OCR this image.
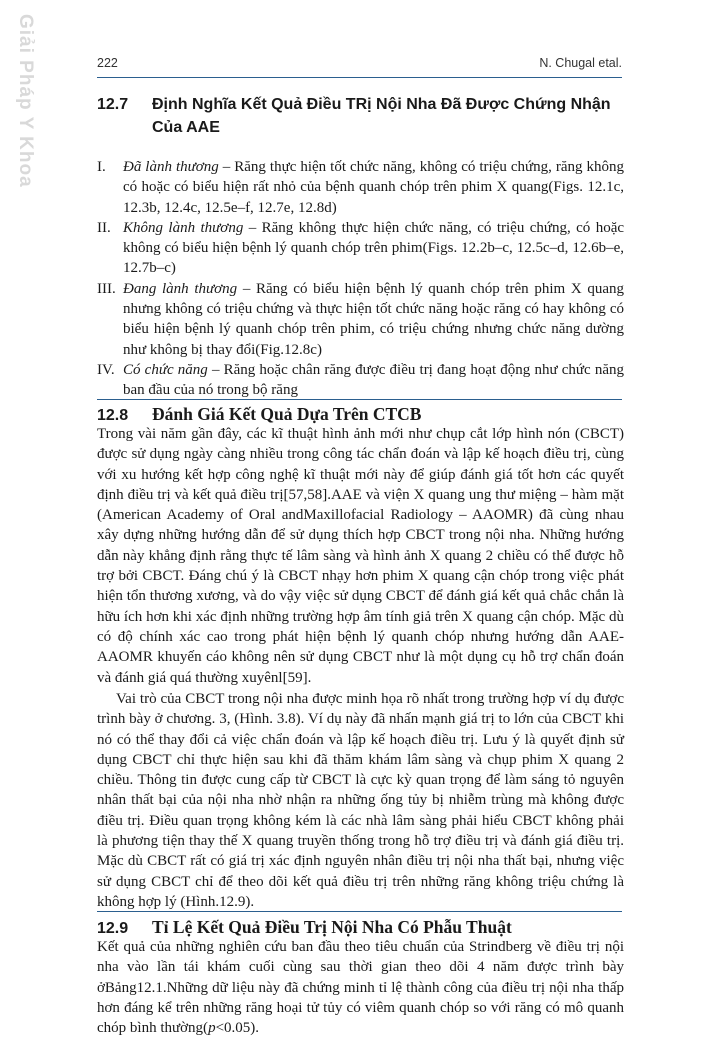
Giải Pháp Y Khoa	222	N. Chugal etal.
12.7 Định Nghĩa Kết Quả Điều TRị Nội Nha Đã Được Chứng Nhận
Của AAE
I.	Đã lành thương – Răng thực hiện tốt chức năng, không có triệu chứng, răng không có hoặc có biểu hiện rất nhỏ của bệnh quanh chóp trên phim X quang(Figs. 12.1c, 12.3b, 12.4c, 12.5e–f, 12.7e, 12.8d)
II. Không lành thương – Răng không thực hiện chức năng, có triệu chứng, có hoặc không có biểu hiện bệnh lý quanh chóp trên phim(Figs. 12.2b–c, 12.5c–d, 12.6b–e, 12.7b–c)
III. Đang lành thương – Răng có biểu hiện bệnh lý quanh chóp trên phim X quang nhưng không có triệu chứng và thực hiện tốt chức năng hoặc răng có hay không có biểu hiện bệnh lý quanh chóp trên phim, có triệu chứng nhưng chức năng dường như không bị thay đổi(Fig.12.8c)
IV. Có chức năng – Răng hoặc chân răng được điều trị đang hoạt động như chức năng ban đầu của nó trong bộ răng
12.8 Đánh Giá Kết Quả Dựa Trên CTCB

Trong vài năm gần đây, các kĩ thuật hình ảnh mới như chụp cắt lớp hình nón (CBCT) được sử dụng ngày càng nhiều trong công tác chẩn đoán và lập kế hoạch điều trị, cùng với xu hướng kết hợp công nghệ kĩ thuật mới này để giúp đánh giá tốt hơn các quyết định điều trị và kết quả điều trị[57,58].AAE và viện X quang ung thư miệng – hàm mặt (American Academy of Oral andMaxillofacial Radiology – AAOMR) đã cùng nhau xây dựng những hướng dẫn để sử dụng thích hợp CBCT trong nội nha. Những hướng dẫn này khẳng định rằng thực tế lâm sàng và hình ảnh X quang 2 chiều có thể được hỗ trợ bởi CBCT. Đáng chú ý là CBCT nhạy hơn phim X quang cận chóp trong việc phát hiện tổn thương xương, và do vậy việc sử dụng CBCT để đánh giá kết quả chắc chắn là hữu ích hơn khi xác định những trường hợp âm tính giả trên X quang cận chóp. Mặc dù có độ chính xác cao trong phát hiện bệnh lý quanh chóp nhưng hướng dẫn AAE-AAOMR khuyến cáo không nên sử dụng CBCT như là một dụng cụ hỗ trợ chẩn đoán và đánh giá quá thường xuyênl[59].

Vai trò của CBCT trong nội nha được minh họa rõ nhất trong trường hợp ví dụ được trình bày ở chương. 3, (Hình. 3.8). Ví dụ này đã nhấn mạnh giá trị to lớn của CBCT khi nó có thể thay đổi cả việc chẩn đoán và lập kế hoạch điều trị. Lưu ý là quyết định sử dụng CBCT chỉ thực hiện sau khi đã thăm khám lâm sàng và chụp phim X quang 2 chiều. Thông tin được cung cấp từ CBCT là cực kỳ quan trọng để làm sáng tỏ nguyên nhân thất bại của nội nha nhờ nhận ra những ống tủy bị nhiễm trùng mà không được điều trị. Điều quan trọng không kém là các nhà lâm sàng phải hiểu CBCT không phải là phương tiện thay thế X quang truyền thống trong hỗ trợ điều trị và đánh giá điều trị. Mặc dù CBCT rất có giá trị xác định nguyên nhân điều trị nội nha thất bại, nhưng việc sử dụng CBCT chỉ để theo dõi kết quả điều trị trên những răng không triệu chứng là không hợp lý (Hình.12.9).

12.9 Tỉ Lệ Kết Quả Điều Trị Nội Nha Có Phẫu Thuật

Kết quả của những nghiên cứu ban đầu theo tiêu chuẩn của Strindberg về điều trị nội nha vào lần tái khám cuối cùng sau thời gian theo dõi 4 năm được trình bày ởBảng12.1.Những dữ liệu này đã chứng minh tỉ lệ thành công của điều trị nội nha thấp hơn đáng kể trên những răng hoại tử tủy có viêm quanh chóp so với răng có mô quanh chóp bình thường(p<0.05).
